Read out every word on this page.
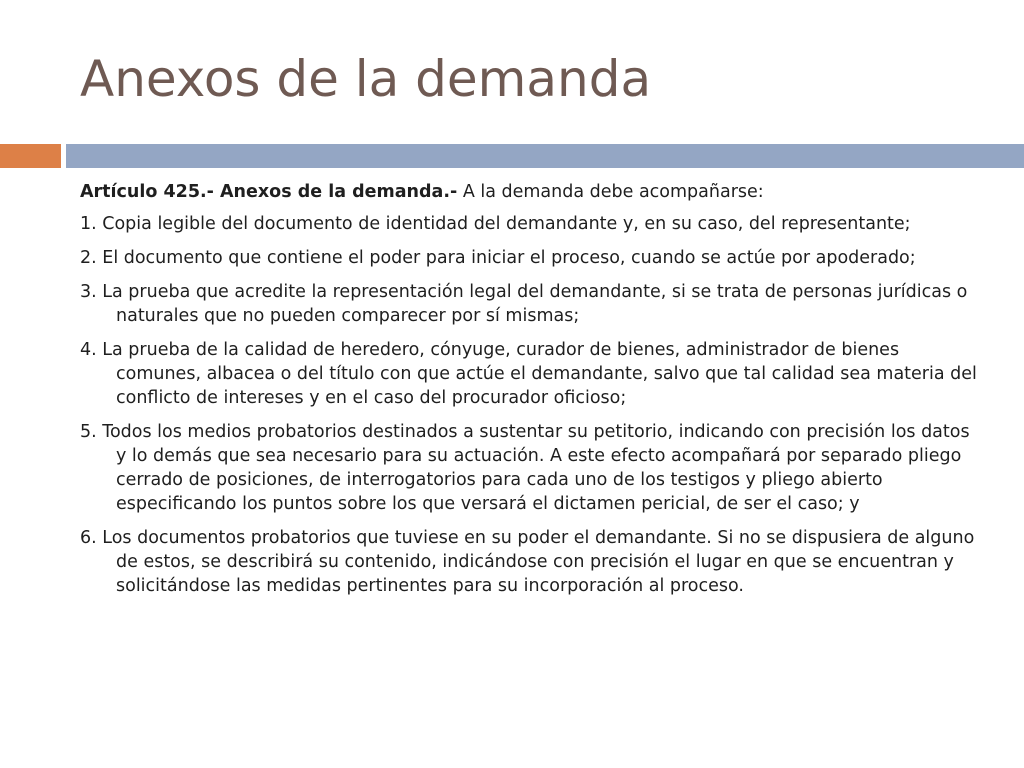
Anexos de la demanda

Artículo 425.- Anexos de la demanda.- A la demanda debe acompañarse:

1. Copia legible del documento de identidad del demandante y, en su caso, del representante;

2. El documento que contiene el poder para iniciar el proceso, cuando se actúe por apoderado;

3. La prueba que acredite la representación legal del demandante, si se trata de personas jurídicas o naturales que no pueden comparecer por sí mismas;

4. La prueba de la calidad de heredero, cónyuge, curador de bienes, administrador de bienes comunes, albacea o del título con que actúe el demandante, salvo que tal calidad sea materia del conflicto de intereses y en el caso del procurador oficioso;

5. Todos los medios probatorios destinados a sustentar su petitorio, indicando con precisión los datos y lo demás que sea necesario para su actuación. A este efecto acompañará por separado pliego cerrado de posiciones, de interrogatorios para cada uno de los testigos y pliego abierto especificando los puntos sobre los que versará el dictamen pericial, de ser el caso; y

6. Los documentos probatorios que tuviese en su poder el demandante. Si no se dispusiera de alguno de estos, se describirá su contenido, indicándose con precisión el lugar en que se encuentran y solicitándose las medidas pertinentes para su incorporación al proceso.
